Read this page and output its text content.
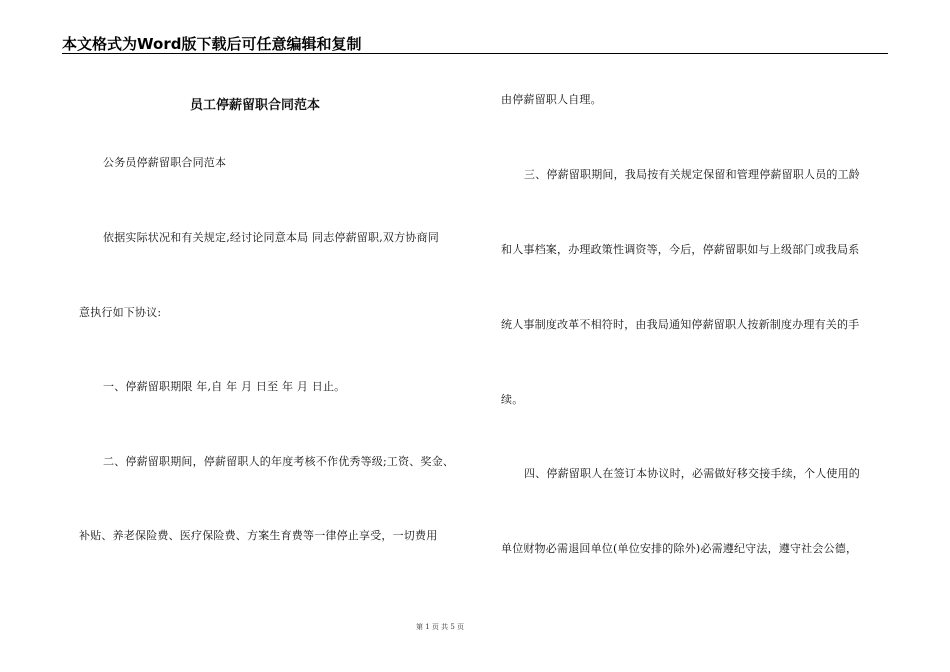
本文格式为Word版下载后可任意编辑和复制
员工停薪留职合同范本
公务员停薪留职合同范本
依据实际状况和有关规定,经讨论同意本局 同志停薪留职,双方协商同
意执行如下协议:
一、停薪留职期限 年,自 年 月 日至 年 月 日止。
二、停薪留职期间，停薪留职人的年度考核不作优秀等级;工资、奖金、
补贴、养老保险费、医疗保险费、方案生育费等一律停止享受，一切费用
由停薪留职人自理。
三、停薪留职期间，我局按有关规定保留和管理停薪留职人员的工龄
和人事档案，办理政策性调资等，今后，停薪留职如与上级部门或我局系
统人事制度改革不相符时，由我局通知停薪留职人按新制度办理有关的手
续。
四、停薪留职人在签订本协议时，必需做好移交接手续，个人使用的
单位财物必需退回单位(单位安排的除外)必需遵纪守法，遵守社会公德，
第 1 页 共 5 页
